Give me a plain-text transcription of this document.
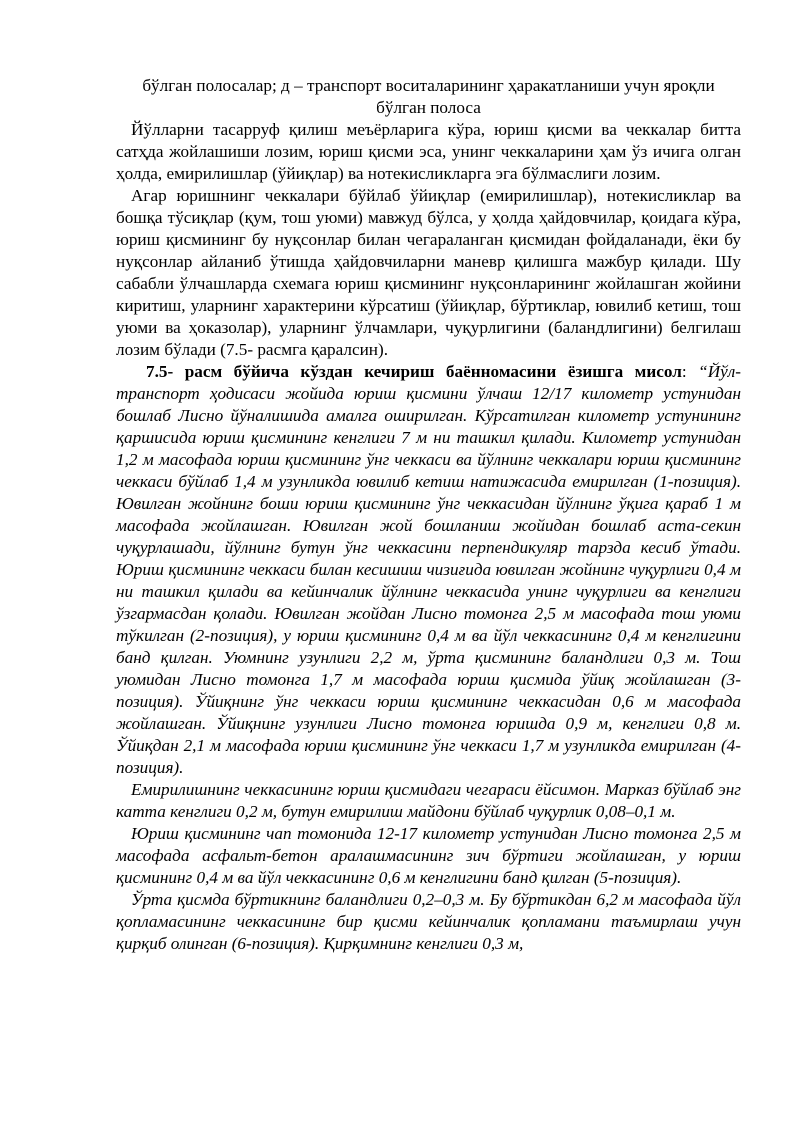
бўлган полосалар; д – транспорт воситаларининг ҳаракатланиши учун яроқли бўлган полоса

Йўлларни тасарруф қилиш меъёрларига кўра, юриш қисми ва чеккалар битта сатҳда жойлашиши лозим, юриш қисми эса, унинг чеккаларини ҳам ўз ичига олган ҳолда, емирилишлар (ўйиқлар) ва нотекисликларга эга бўлмаслиги лозим.

Агар юришнинг чеккалари бўйлаб ўйиқлар (емирилишлар), нотекисликлар ва бошқа тўсиқлар (қум, тош уюми) мавжуд бўлса, у ҳолда ҳайдовчилар, қоидага кўра, юриш қисмининг бу нуқсонлар билан чегараланган қисмидан фойдаланади, ёки бу нуқсонлар айланиб ўтишда ҳайдовчиларни маневр қилишга мажбур қилади. Шу сабабли ўлчашларда схемага юриш қисмининг нуқсонларининг жойлашган жойини киритиш, уларнинг характерини кўрсатиш (ўйиқлар, бўртиклар, ювилиб кетиш, тош уюми ва ҳоказолар), уларнинг ўлчамлари, чуқурлигини (баландлигини) белгилаш лозим бўлади (7.5- расмга қаралсин).

7.5- расм бўйича кўздан кечириш баённомасини ёзишга мисол: “Йўл-транспорт ҳодисаси жойида юриш қисмини ўлчаш 12/17 километр устунидан бошлаб Лисно йўналишида амалга оширилган. Кўрсатилган километр устунининг қаршисида юриш қисмининг кенглиги 7 м ни ташкил қилади. Километр устунидан 1,2 м масофада юриш қисмининг ўнг чеккаси ва йўлнинг чеккалари юриш қисмининг чеккаси бўйлаб 1,4 м узунликда ювилиб кетиш натижасида емирилган (1-позиция). Ювилган жойнинг боши юриш қисмининг ўнг чеккасидан йўлнинг ўқига қараб 1 м масофада жойлашган. Ювилган жой бошланиш жойидан бошлаб аста-секин чуқурлашади, йўлнинг бутун ўнг чеккасини перпендикуляр тарзда кесиб ўтади. Юриш қисмининг чеккаси билан кесишиш чизиғида ювилган жойнинг чуқурлиги 0,4 м ни ташкил қилади ва кейинчалик йўлнинг чеккасида унинг чуқурлиги ва кенглиги ўзгармасдан қолади. Ювилган жойдан Лисно томонга 2,5 м масофада тош уюми тўкилган (2-позиция), у юриш қисмининг 0,4 м ва йўл чеккасининг 0,4 м кенглигини банд қилган. Уюмнинг узунлиги 2,2 м, ўрта қисмининг баландлиги 0,3 м. Тош уюмидан Лисно томонга 1,7 м масофада юриш қисмида ўйиқ жойлашган (3-позиция). Ўйиқнинг ўнг чеккаси юриш қисмининг чеккасидан 0,6 м масофада жойлашган. Ўйиқнинг узунлиги Лисно томонга юришда 0,9 м, кенглиги 0,8 м. Ўйиқдан 2,1 м масофада юриш қисмининг ўнг чеккаси 1,7 м узунликда емирилган (4-позиция).

Емирилишнинг чеккасининг юриш қисмидаги чегараси ёйсимон. Марказ бўйлаб энг катта кенглиги 0,2 м, бутун емирилиш майдони бўйлаб чуқурлик 0,08–0,1 м.

Юриш қисмининг чап томонида 12-17 километр устунидан Лисно томонга 2,5 м масофада асфальт-бетон аралашмасининг зич бўртиги жойлашган, у юриш қисмининг 0,4 м ва йўл чеккасининг 0,6 м кенглигини банд қилган (5-позиция).

Ўрта қисмда бўртикнинг баландлиги 0,2–0,3 м. Бу бўртикдан 6,2 м масофада йўл қопламасининг чеккасининг бир қисми кейинчалик қопламани таъмирлаш учун қирқиб олинган (6-позиция). Қирқимнинг кенглиги 0,3 м,
